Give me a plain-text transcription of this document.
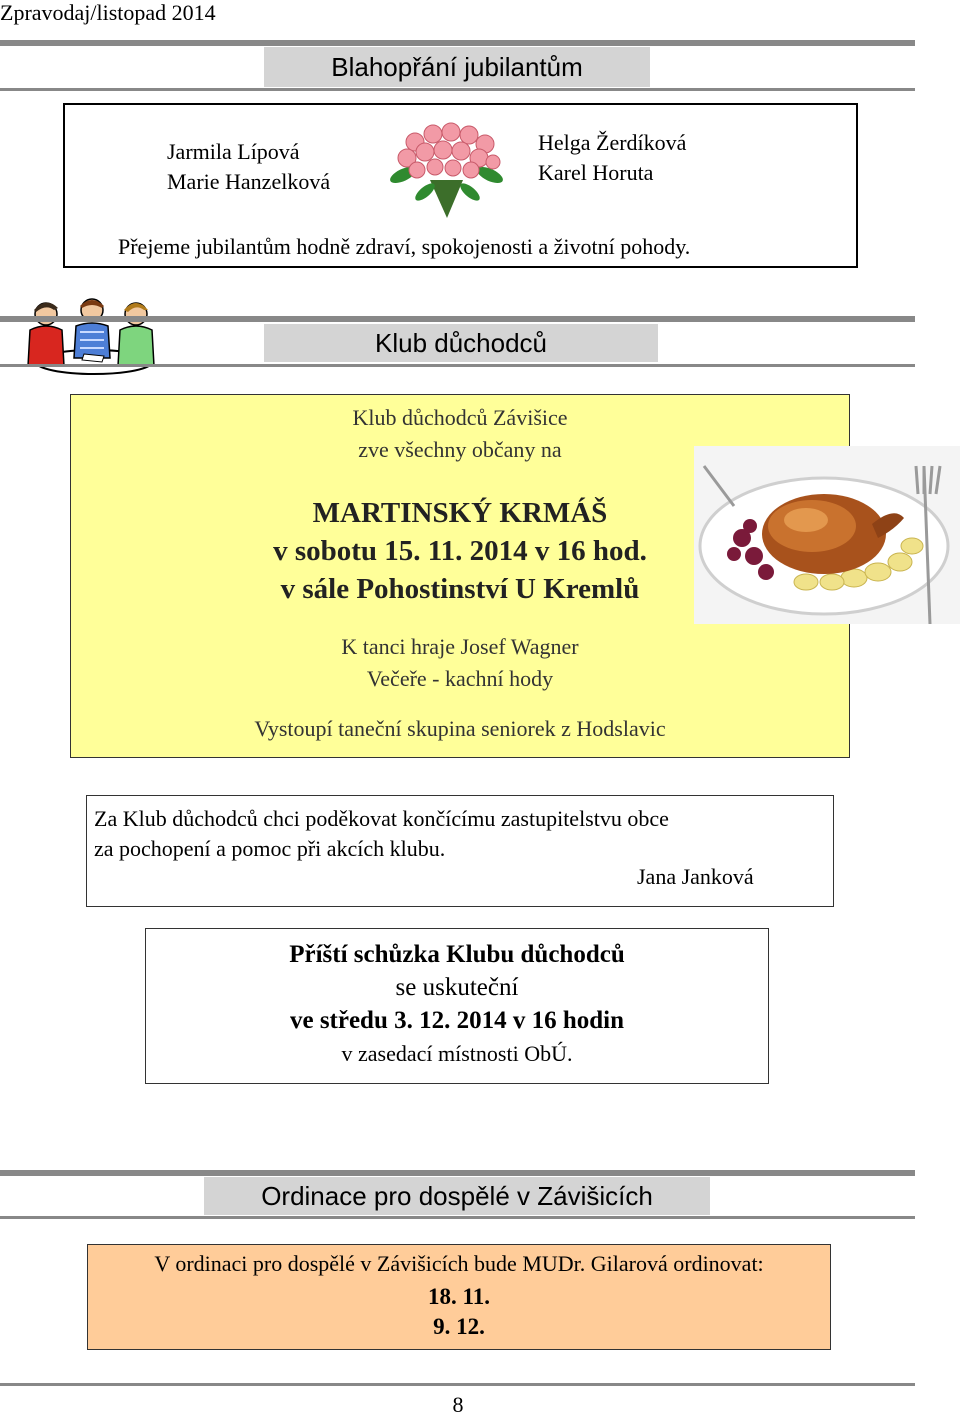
Zpravodaj/listopad 2014
Blahopřání jubilantům
Jarmila Lípová
Marie Hanzelková
Helga Žerdíková
Karel Horuta
Přejeme jubilantům hodně zdraví, spokojenosti a životní pohody.
Klub důchodců
Klub důchodců Závišice
zve všechny občany na
MARTINSKÝ KRMÁŠ
v sobotu 15. 11. 2014 v 16 hod.
v sále Pohostinství U Kremlů
K tanci hraje Josef Wagner
Večeře - kachní hody
Vystoupí taneční skupina seniorek z Hodslavic
Za Klub důchodců chci poděkovat končícímu zastupitelstvu obce
za pochopení a pomoc při akcích klubu.
Jana Janková
Příští schůzka Klubu důchodců
se uskuteční
ve středu 3. 12. 2014 v 16 hodin
v zasedací místnosti ObÚ.
Ordinace pro dospělé v Závišicích
V ordinaci pro dospělé v Závišicích bude MUDr. Gilarová ordinovat:
18. 11.
9. 12.
8
